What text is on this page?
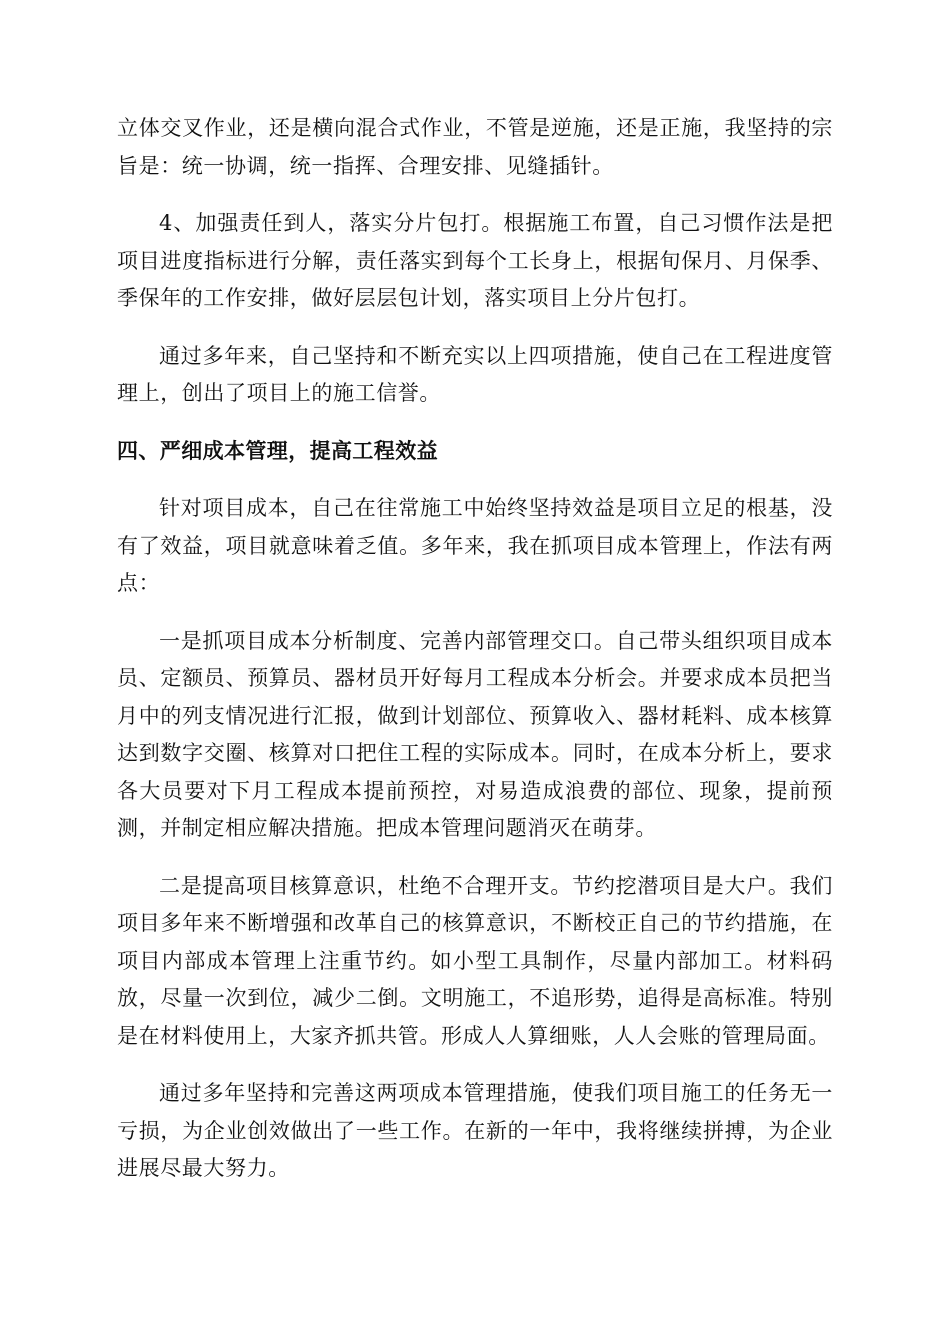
立体交叉作业，还是横向混合式作业，不管是逆施，还是正施，我坚持的宗旨是：统一协调，统一指挥、合理安排、见缝插针。

4、加强责任到人，落实分片包打。根据施工布置，自己习惯作法是把项目进度指标进行分解，责任落实到每个工长身上，根据旬保月、月保季、季保年的工作安排，做好层层包计划，落实项目上分片包打。

通过多年来，自己坚持和不断充实以上四项措施，使自己在工程进度管理上，创出了项目上的施工信誉。

四、严细成本管理，提高工程效益

针对项目成本，自己在往常施工中始终坚持效益是项目立足的根基，没有了效益，项目就意味着乏值。多年来，我在抓项目成本管理上，作法有两点：

一是抓项目成本分析制度、完善内部管理交口。自己带头组织项目成本员、定额员、预算员、器材员开好每月工程成本分析会。并要求成本员把当月中的列支情况进行汇报，做到计划部位、预算收入、器材耗料、成本核算达到数字交圈、核算对口把住工程的实际成本。同时，在成本分析上，要求各大员要对下月工程成本提前预控，对易造成浪费的部位、现象，提前预测，并制定相应解决措施。把成本管理问题消灭在萌芽。

二是提高项目核算意识，杜绝不合理开支。节约挖潜项目是大户。我们项目多年来不断增强和改革自己的核算意识，不断校正自己的节约措施，在项目内部成本管理上注重节约。如小型工具制作，尽量内部加工。材料码放，尽量一次到位，减少二倒。文明施工，不追形势，追得是高标准。特别是在材料使用上，大家齐抓共管。形成人人算细账，人人会账的管理局面。

通过多年坚持和完善这两项成本管理措施，使我们项目施工的任务无一亏损，为企业创效做出了一些工作。在新的一年中，我将继续拼搏，为企业进展尽最大努力。
